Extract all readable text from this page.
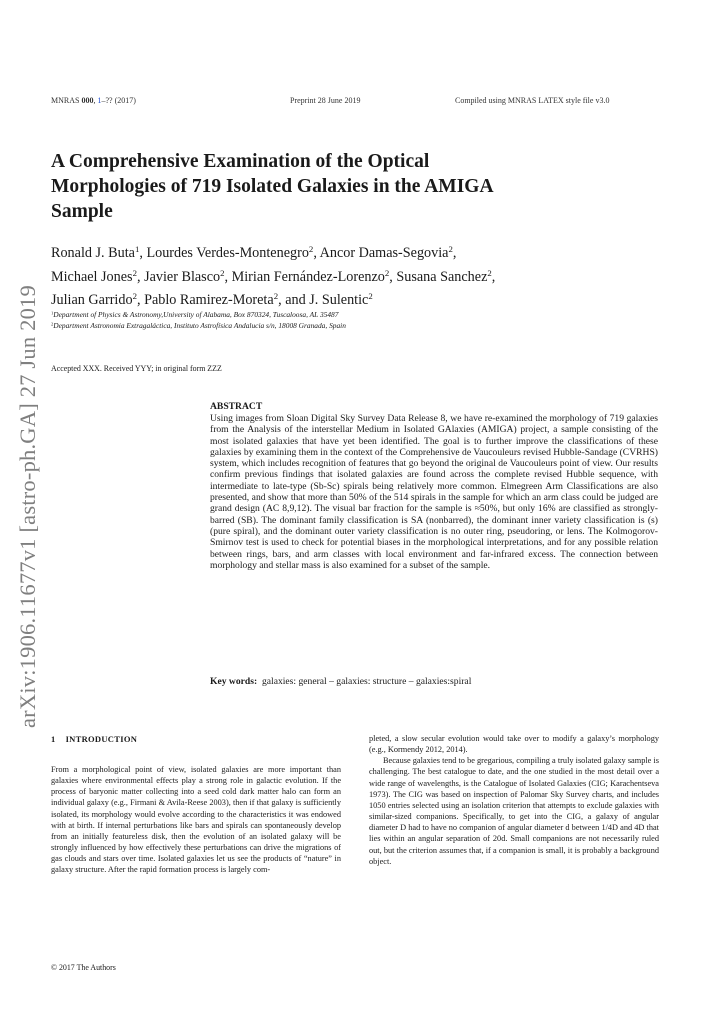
MNRAS 000, 1–?? (2017)	Preprint 28 June 2019	Compiled using MNRAS LATEX style file v3.0
A Comprehensive Examination of the Optical
Morphologies of 719 Isolated Galaxies in the AMIGA
Sample
Ronald J. Buta$^1$, Lourdes Verdes-Montenegro$^2$, Ancor Damas-Segovia$^2$,
Michael Jones$^2$, Javier Blasco$^2$, Mirian Fernández-Lorenzo$^2$, Susana Sanchez$^2$,
Julian Garrido$^2$, Pablo Ramirez-Moreta$^2$, and J. Sulentic$^2$
$^1$Department of Physics & Astronomy,University of Alabama, Box 870324, Tuscaloosa, AL 35487
$^2$Department Astronomia Extragaláctica, Instituto Astrofísica Andalucia s/n, 18008 Granada, Spain
Accepted XXX. Received YYY; in original form ZZZ
arXiv:1906.11677v1 [astro-ph.GA] 27 Jun 2019	ABSTRACT
Using images from Sloan Digital Sky Survey Data Release 8, we have re-examined the morphology of 719 galaxies from the Analysis of the interstellar Medium in Isolated GAlaxies (AMIGA) project, a sample consisting of the most isolated galaxies that have yet been identified. The goal is to further improve the classifications of these galaxies by examining them in the context of the Comprehensive de Vaucouleurs revised Hubble-Sandage (CVRHS) system, which includes recognition of features that go beyond the original de Vaucouleurs point of view. Our results confirm previous findings that isolated galaxies are found across the complete revised Hubble sequence, with intermediate to late-type (Sb-Sc) spirals being relatively more common. Elmegreen Arm Classifications are also presented, and show that more than 50% of the 514 spirals in the sample for which an arm class could be judged are grand design (AC 8,9,12). The visual bar fraction for the sample is ≈50%, but only 16% are classified as strongly-barred (SB). The dominant family classification is SA (nonbarred), the dominant inner variety classification is (s) (pure spiral), and the dominant outer variety classification is no outer ring, pseudoring, or lens. The Kolmogorov-Smirnov test is used to check for potential biases in the morphological interpretations, and for any possible relation between rings, bars, and arm classes with local environment and far-infrared excess. The connection between morphology and stellar mass is also examined for a subset of the sample.
Key words: galaxies: general – galaxies: structure – galaxies:spiral
1 INTRODUCTION

From a morphological point of view, isolated galaxies are more important than galaxies where environmental effects play a strong role in galactic evolution. If the process of baryonic matter collecting into a seed cold dark matter halo can form an individual galaxy (e.g., Firmani & Avila-Reese 2003), then if that galaxy is sufficiently isolated, its morphology would evolve according to the characteristics it was endowed with at birth. If internal perturbations like bars and spirals can spontaneously develop from an initially featureless disk, then the evolution of an isolated galaxy will be strongly influenced by how effectively these perturbations can drive the migrations of gas clouds and stars over time. Isolated galaxies let us see the products of “nature” in galaxy structure. After the rapid formation process is largely com-

pleted, a slow secular evolution would take over to modify a galaxy’s morphology (e.g., Kormendy 2012, 2014).

Because galaxies tend to be gregarious, compiling a truly isolated galaxy sample is challenging. The best catalogue to date, and the one studied in the most detail over a wide range of wavelengths, is the Catalogue of Isolated Galaxies (CIG; Karachentseva 1973). The CIG was based on inspection of Palomar Sky Survey charts, and includes 1050 entries selected using an isolation criterion that attempts to exclude galaxies with similar-sized companions. Specifically, to get into the CIG, a galaxy of angular diameter D had to have no companion of angular diameter d between 1/4D and 4D that lies within an angular separation of 20d. Small companions are not necessarily ruled out, but the criterion assumes that, if a companion is small, it is probably a background object.

© 2017 The Authors
